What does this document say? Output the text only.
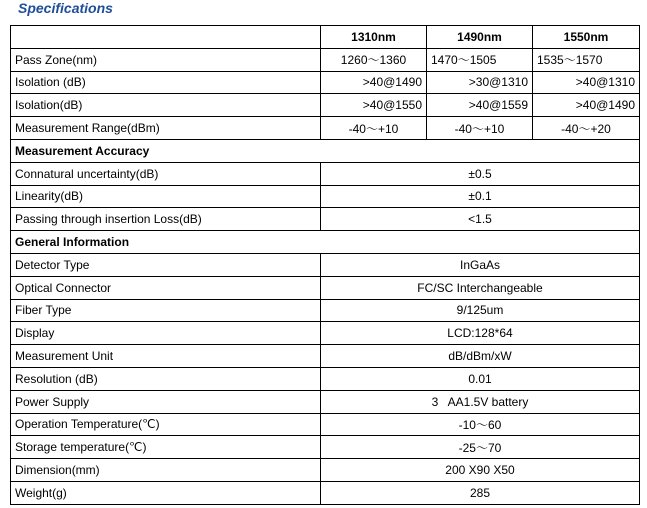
Specifications
	1310nm	1490nm	1550nm
Pass Zone(nm)	1260～1360	1470～1505	1535～1570
Isolation (dB)	>40@1490	>30@1310	>40@1310
Isolation(dB)	>40@1550	>40@1559	>40@1490
Measurement Range(dBm)	-40～+10	-40～+10	-40～+20
Measurement Accuracy			
Connatural uncertainty(dB)	±0.5		
Linearity(dB)	±0.1		
Passing through insertion Loss(dB)	<1.5		
General Information			
Detector Type	InGaAs		
Optical Connector	FC/SC Interchangeable		
Fiber Type	9/125um		
Display	LCD:128*64		
Measurement Unit	dB/dBm/xW		
Resolution (dB)	0.01		
Power Supply	3   AA1.5V battery		
Operation Temperature(℃)	-10～60		
Storage temperature(℃)	-25～70		
Dimension(mm)	200 X90 X50		
Weight(g)	285		
